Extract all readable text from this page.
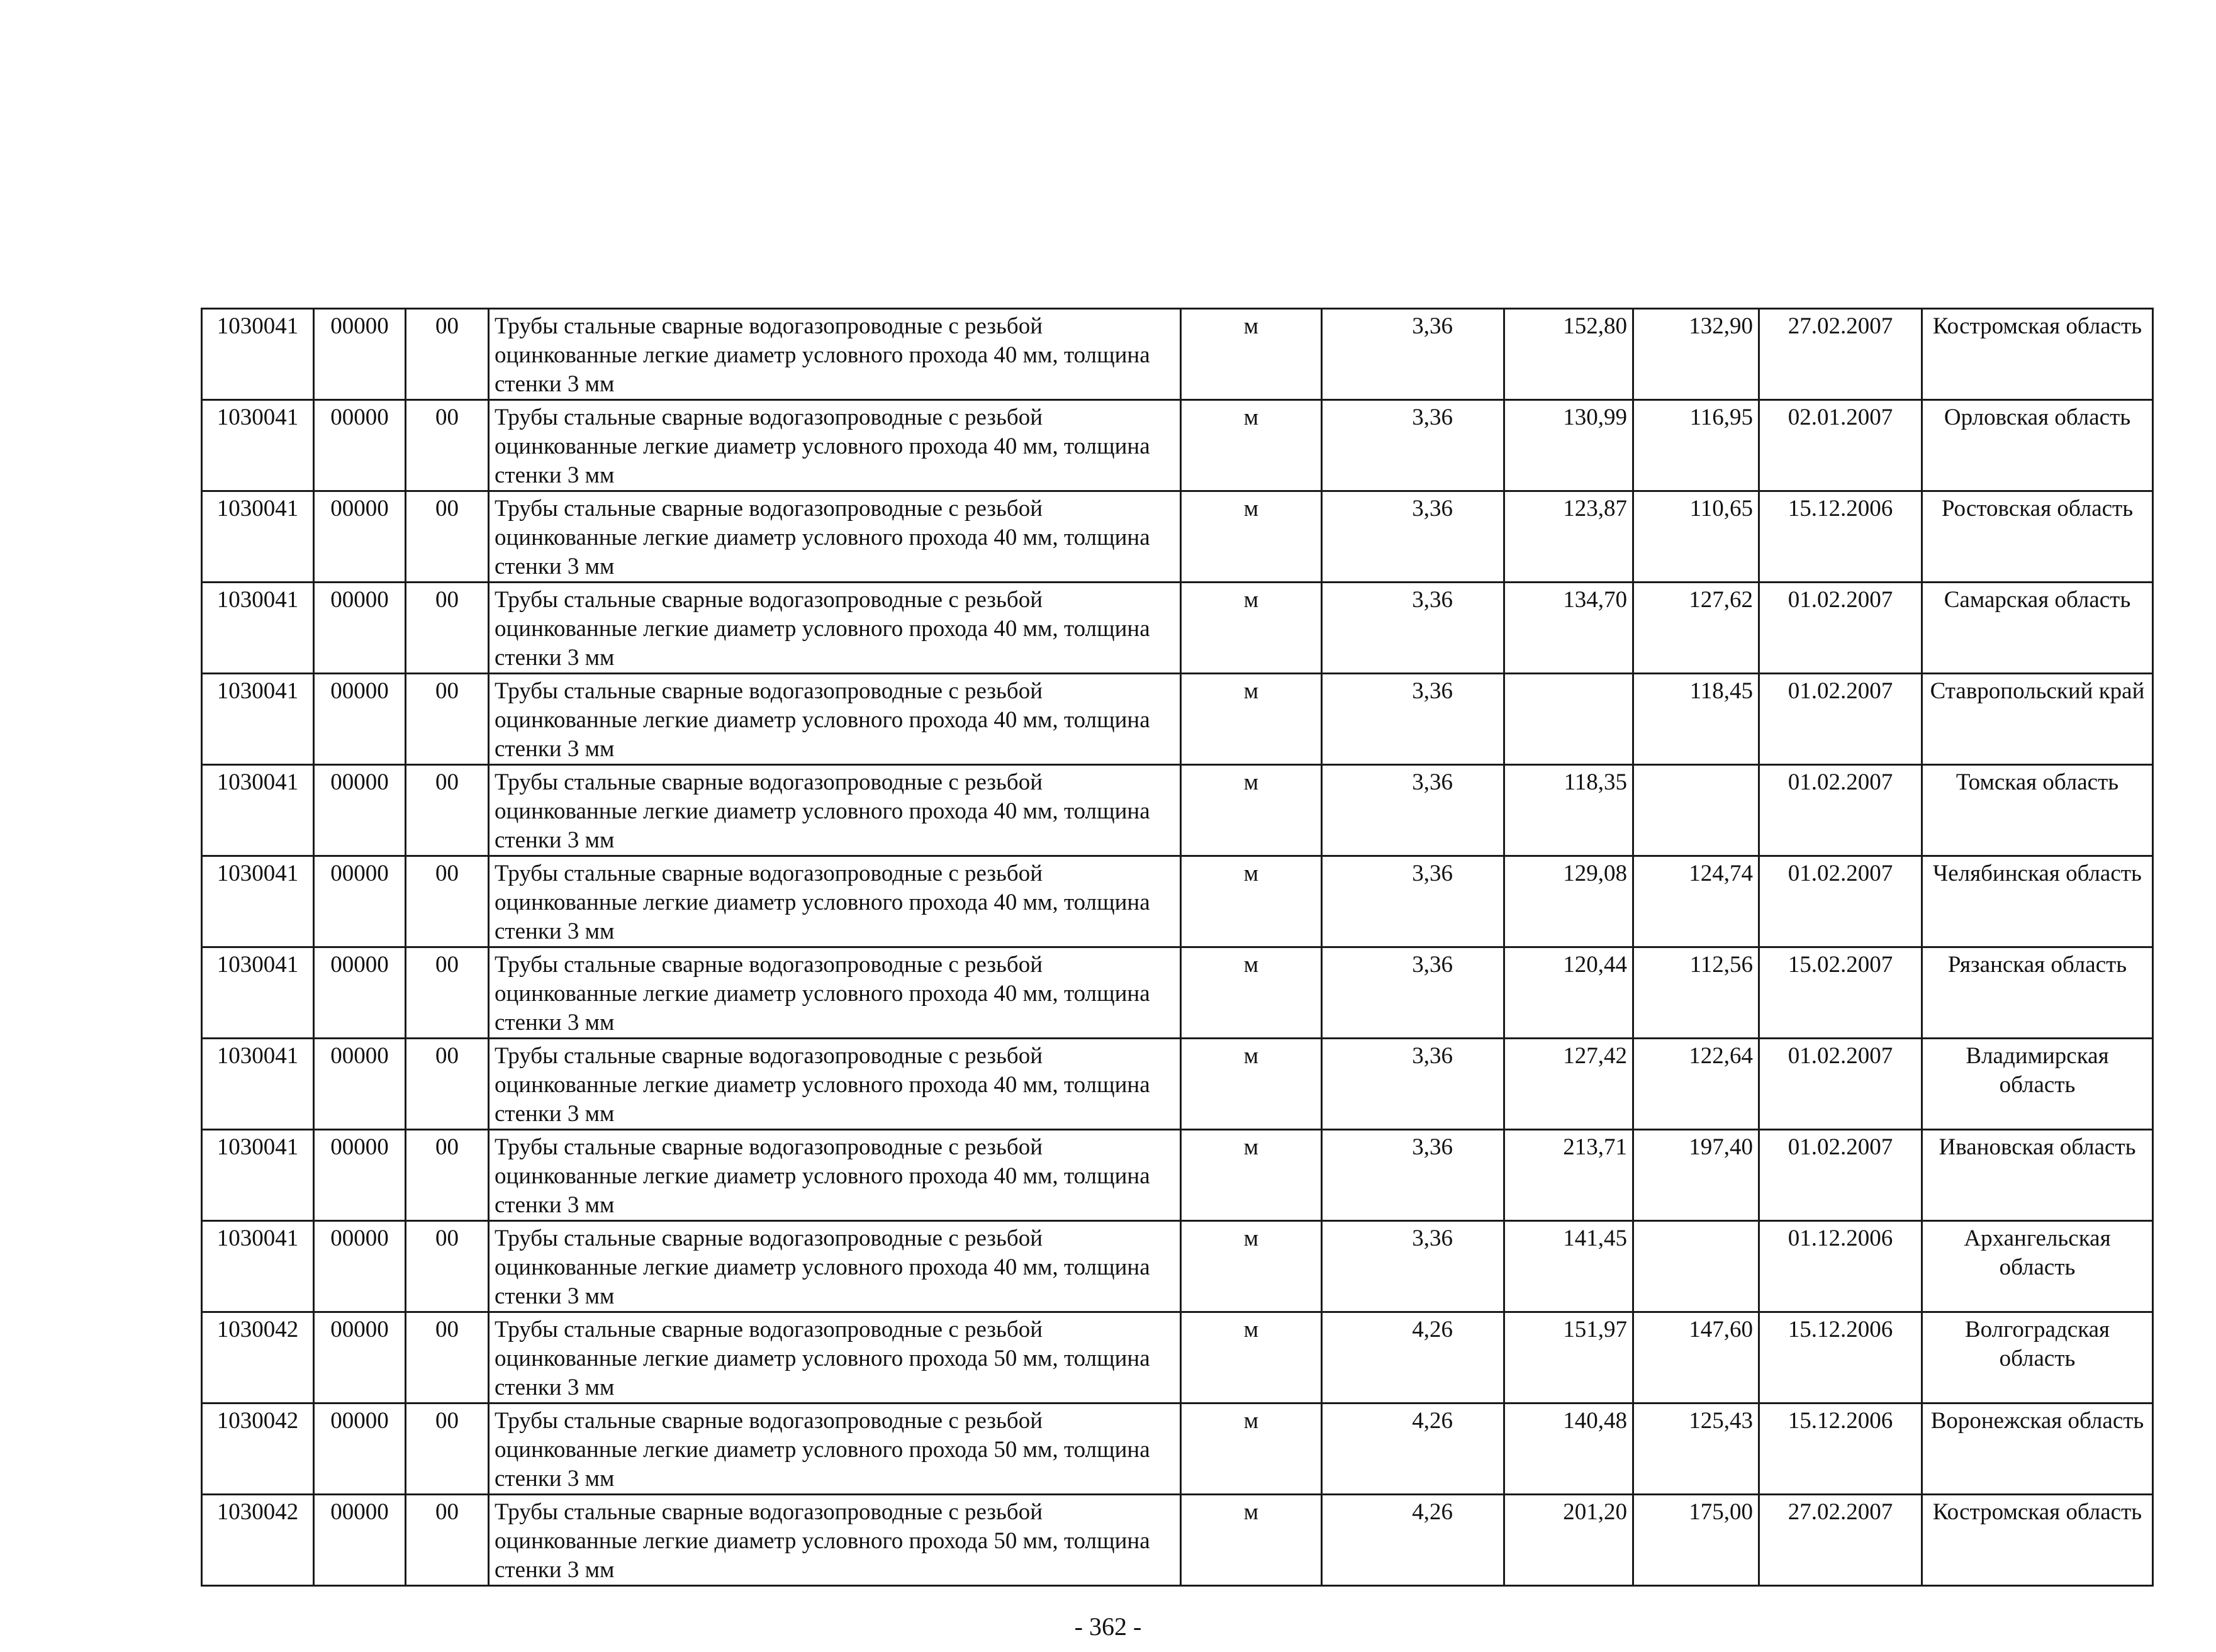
1030041	00000	00	Трубы стальные сварные водогазопроводные с резьбой оцинкованные легкие диаметр условного прохода 40 мм, толщина стенки 3 мм	м	3,36	152,80	132,90	27.02.2007	Костромская область
1030041	00000	00	Трубы стальные сварные водогазопроводные с резьбой оцинкованные легкие диаметр условного прохода 40 мм, толщина стенки 3 мм	м	3,36	130,99	116,95	02.01.2007	Орловская область
1030041	00000	00	Трубы стальные сварные водогазопроводные с резьбой оцинкованные легкие диаметр условного прохода 40 мм, толщина стенки 3 мм	м	3,36	123,87	110,65	15.12.2006	Ростовская область
1030041	00000	00	Трубы стальные сварные водогазопроводные с резьбой оцинкованные легкие диаметр условного прохода 40 мм, толщина стенки 3 мм	м	3,36	134,70	127,62	01.02.2007	Самарская область
1030041	00000	00	Трубы стальные сварные водогазопроводные с резьбой оцинкованные легкие диаметр условного прохода 40 мм, толщина стенки 3 мм	м	3,36		118,45	01.02.2007	Ставропольский край
1030041	00000	00	Трубы стальные сварные водогазопроводные с резьбой оцинкованные легкие диаметр условного прохода 40 мм, толщина стенки 3 мм	м	3,36	118,35		01.02.2007	Томская область
1030041	00000	00	Трубы стальные сварные водогазопроводные с резьбой оцинкованные легкие диаметр условного прохода 40 мм, толщина стенки 3 мм	м	3,36	129,08	124,74	01.02.2007	Челябинская область
1030041	00000	00	Трубы стальные сварные водогазопроводные с резьбой оцинкованные легкие диаметр условного прохода 40 мм, толщина стенки 3 мм	м	3,36	120,44	112,56	15.02.2007	Рязанская область
1030041	00000	00	Трубы стальные сварные водогазопроводные с резьбой оцинкованные легкие диаметр условного прохода 40 мм, толщина стенки 3 мм	м	3,36	127,42	122,64	01.02.2007	Владимирская область
1030041	00000	00	Трубы стальные сварные водогазопроводные с резьбой оцинкованные легкие диаметр условного прохода 40 мм, толщина стенки 3 мм	м	3,36	213,71	197,40	01.02.2007	Ивановская область
1030041	00000	00	Трубы стальные сварные водогазопроводные с резьбой оцинкованные легкие диаметр условного прохода 40 мм, толщина стенки 3 мм	м	3,36	141,45		01.12.2006	Архангельская область
1030042	00000	00	Трубы стальные сварные водогазопроводные с резьбой оцинкованные легкие диаметр условного прохода 50 мм, толщина стенки 3 мм	м	4,26	151,97	147,60	15.12.2006	Волгоградская область
1030042	00000	00	Трубы стальные сварные водогазопроводные с резьбой оцинкованные легкие диаметр условного прохода 50 мм, толщина стенки 3 мм	м	4,26	140,48	125,43	15.12.2006	Воронежская область
1030042	00000	00	Трубы стальные сварные водогазопроводные с резьбой оцинкованные легкие диаметр условного прохода 50 мм, толщина стенки 3 мм	м	4,26	201,20	175,00	27.02.2007	Костромская область
- 362 -
